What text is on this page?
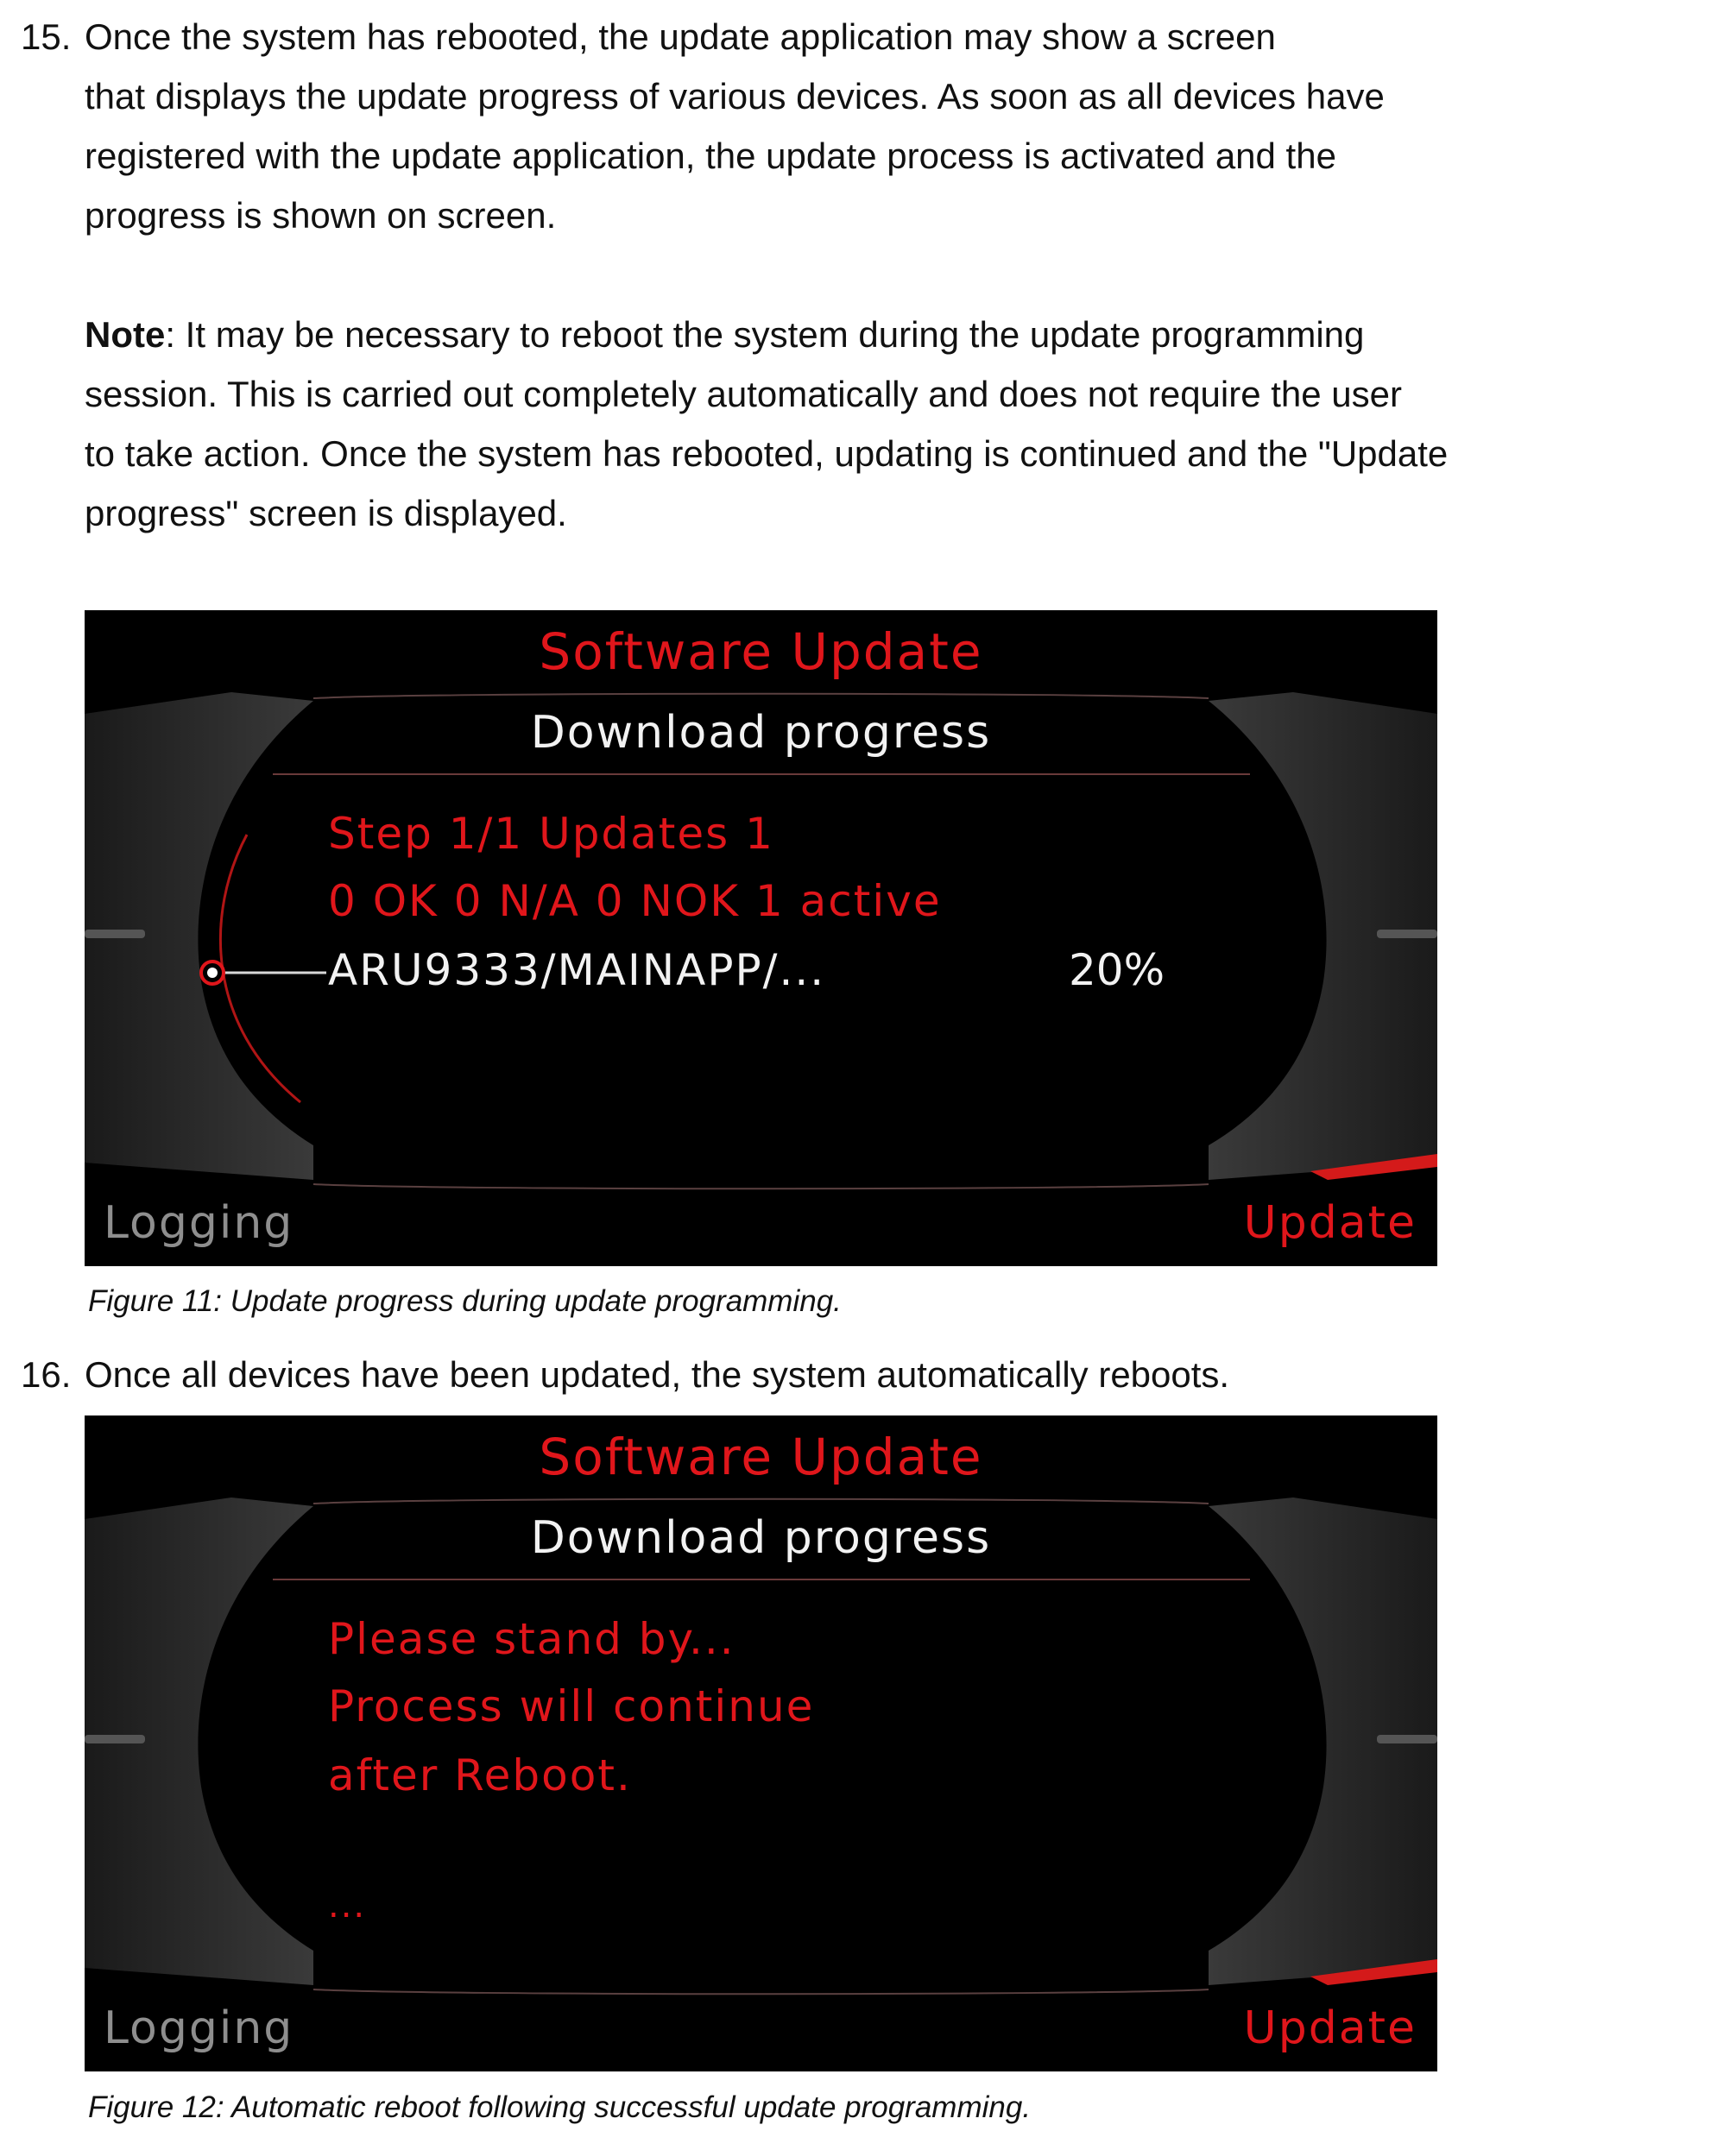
15. Once the system has rebooted, the update application may show a screen
that displays the update progress of various devices. As soon as all devices have
registered with the update application, the update process is activated and the
progress is shown on screen.

Note: It may be necessary to reboot the system during the update programming
session. This is carried out completely automatically and does not require the user
to take action. Once the system has rebooted, updating is continued and the "Update
progress" screen is displayed.

Software Update
Download progress
Step 1/1 Updates 1
0 OK 0 N/A 0 NOK 1 active
ARU9333/MAINAPP/...	20%
Logging	Update
Figure 11: Update progress during update programming.
16. Once all devices have been updated, the system automatically reboots.

Software Update
Download progress
Please stand by...
Process will continue
after Reboot.
...
Logging	Update
Figure 12: Automatic reboot following successful update programming.
